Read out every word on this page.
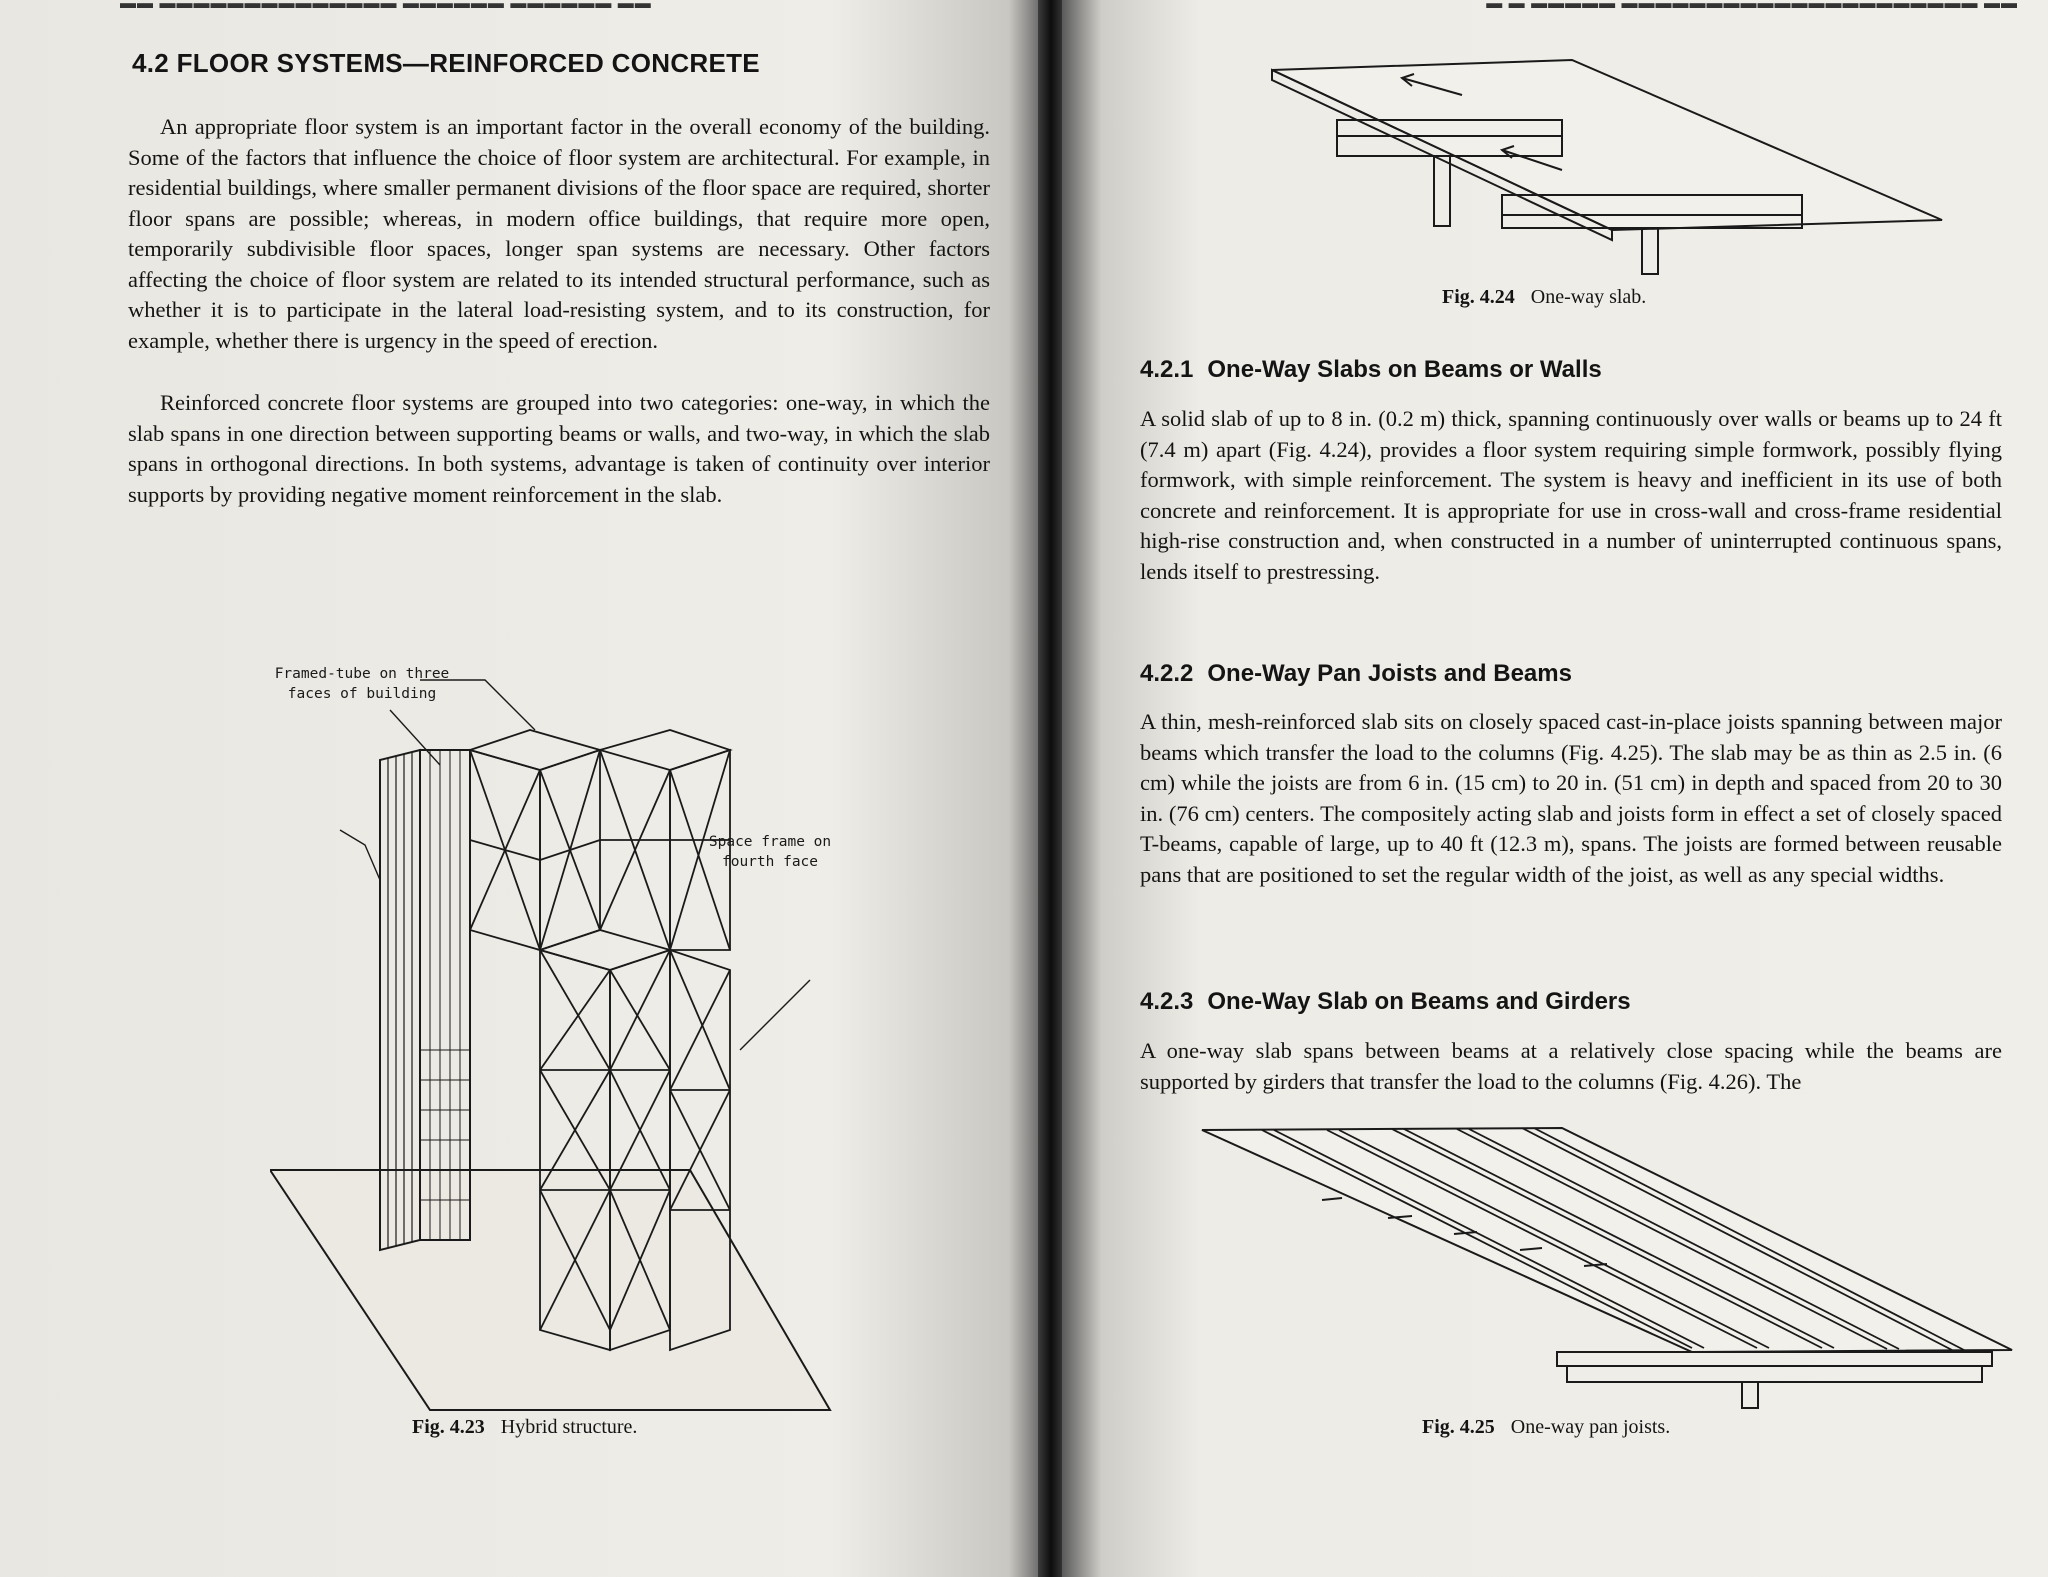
▬▬ ▬▬▬▬▬▬▬▬▬▬▬▬▬▬ ▬▬▬▬▬▬ ▬▬▬▬▬▬ ▬▬
4.2 FLOOR SYSTEMS—REINFORCED CONCRETE

An appropriate floor system is an important factor in the overall economy of the building. Some of the factors that influence the choice of floor system are architectural. For example, in residential buildings, where smaller permanent divisions of the floor space are required, shorter floor spans are possible; whereas, in modern office buildings, that require more open, temporarily subdivisible floor spaces, longer span systems are necessary. Other factors affecting the choice of floor system are related to its intended structural performance, such as whether it is to participate in the lateral load-resisting system, and to its construction, for example, whether there is urgency in the speed of erection.

Reinforced concrete floor systems are grouped into two categories: one-way, in which the slab spans in one direction between supporting beams or walls, and two-way, in which the slab spans in orthogonal directions. In both systems, advantage is taken of continuity over interior supports by providing negative moment reinforcement in the slab.

Framed-tube on three
faces of building
Space frame on
fourth face
Fig. 4.23 Hybrid structure.
▬ ▬ ▬▬▬▬▬ ▬▬▬▬▬▬▬▬▬▬▬▬▬▬▬▬▬▬▬▬▬ ▬▬
Fig. 4.24 One-way slab.
4.2.1 One-Way Slabs on Beams or Walls

A solid slab of up to 8 in. (0.2 m) thick, spanning continuously over walls or beams up to 24 ft (7.4 m) apart (Fig. 4.24), provides a floor system requiring simple formwork, possibly flying formwork, with simple reinforcement. The system is heavy and inefficient in its use of both concrete and reinforcement. It is appropriate for use in cross-wall and cross-frame residential high-rise construction and, when constructed in a number of uninterrupted continuous spans, lends itself to prestressing.

4.2.2 One-Way Pan Joists and Beams

A thin, mesh-reinforced slab sits on closely spaced cast-in-place joists spanning between major beams which transfer the load to the columns (Fig. 4.25). The slab may be as thin as 2.5 in. (6 cm) while the joists are from 6 in. (15 cm) to 20 in. (51 cm) in depth and spaced from 20 to 30 in. (76 cm) centers. The compositely acting slab and joists form in effect a set of closely spaced T-beams, capable of large, up to 40 ft (12.3 m), spans. The joists are formed between reusable pans that are positioned to set the regular width of the joist, as well as any special widths.

4.2.3 One-Way Slab on Beams and Girders

A one-way slab spans between beams at a relatively close spacing while the beams are supported by girders that transfer the load to the columns (Fig. 4.26). The

Fig. 4.25 One-way pan joists.
